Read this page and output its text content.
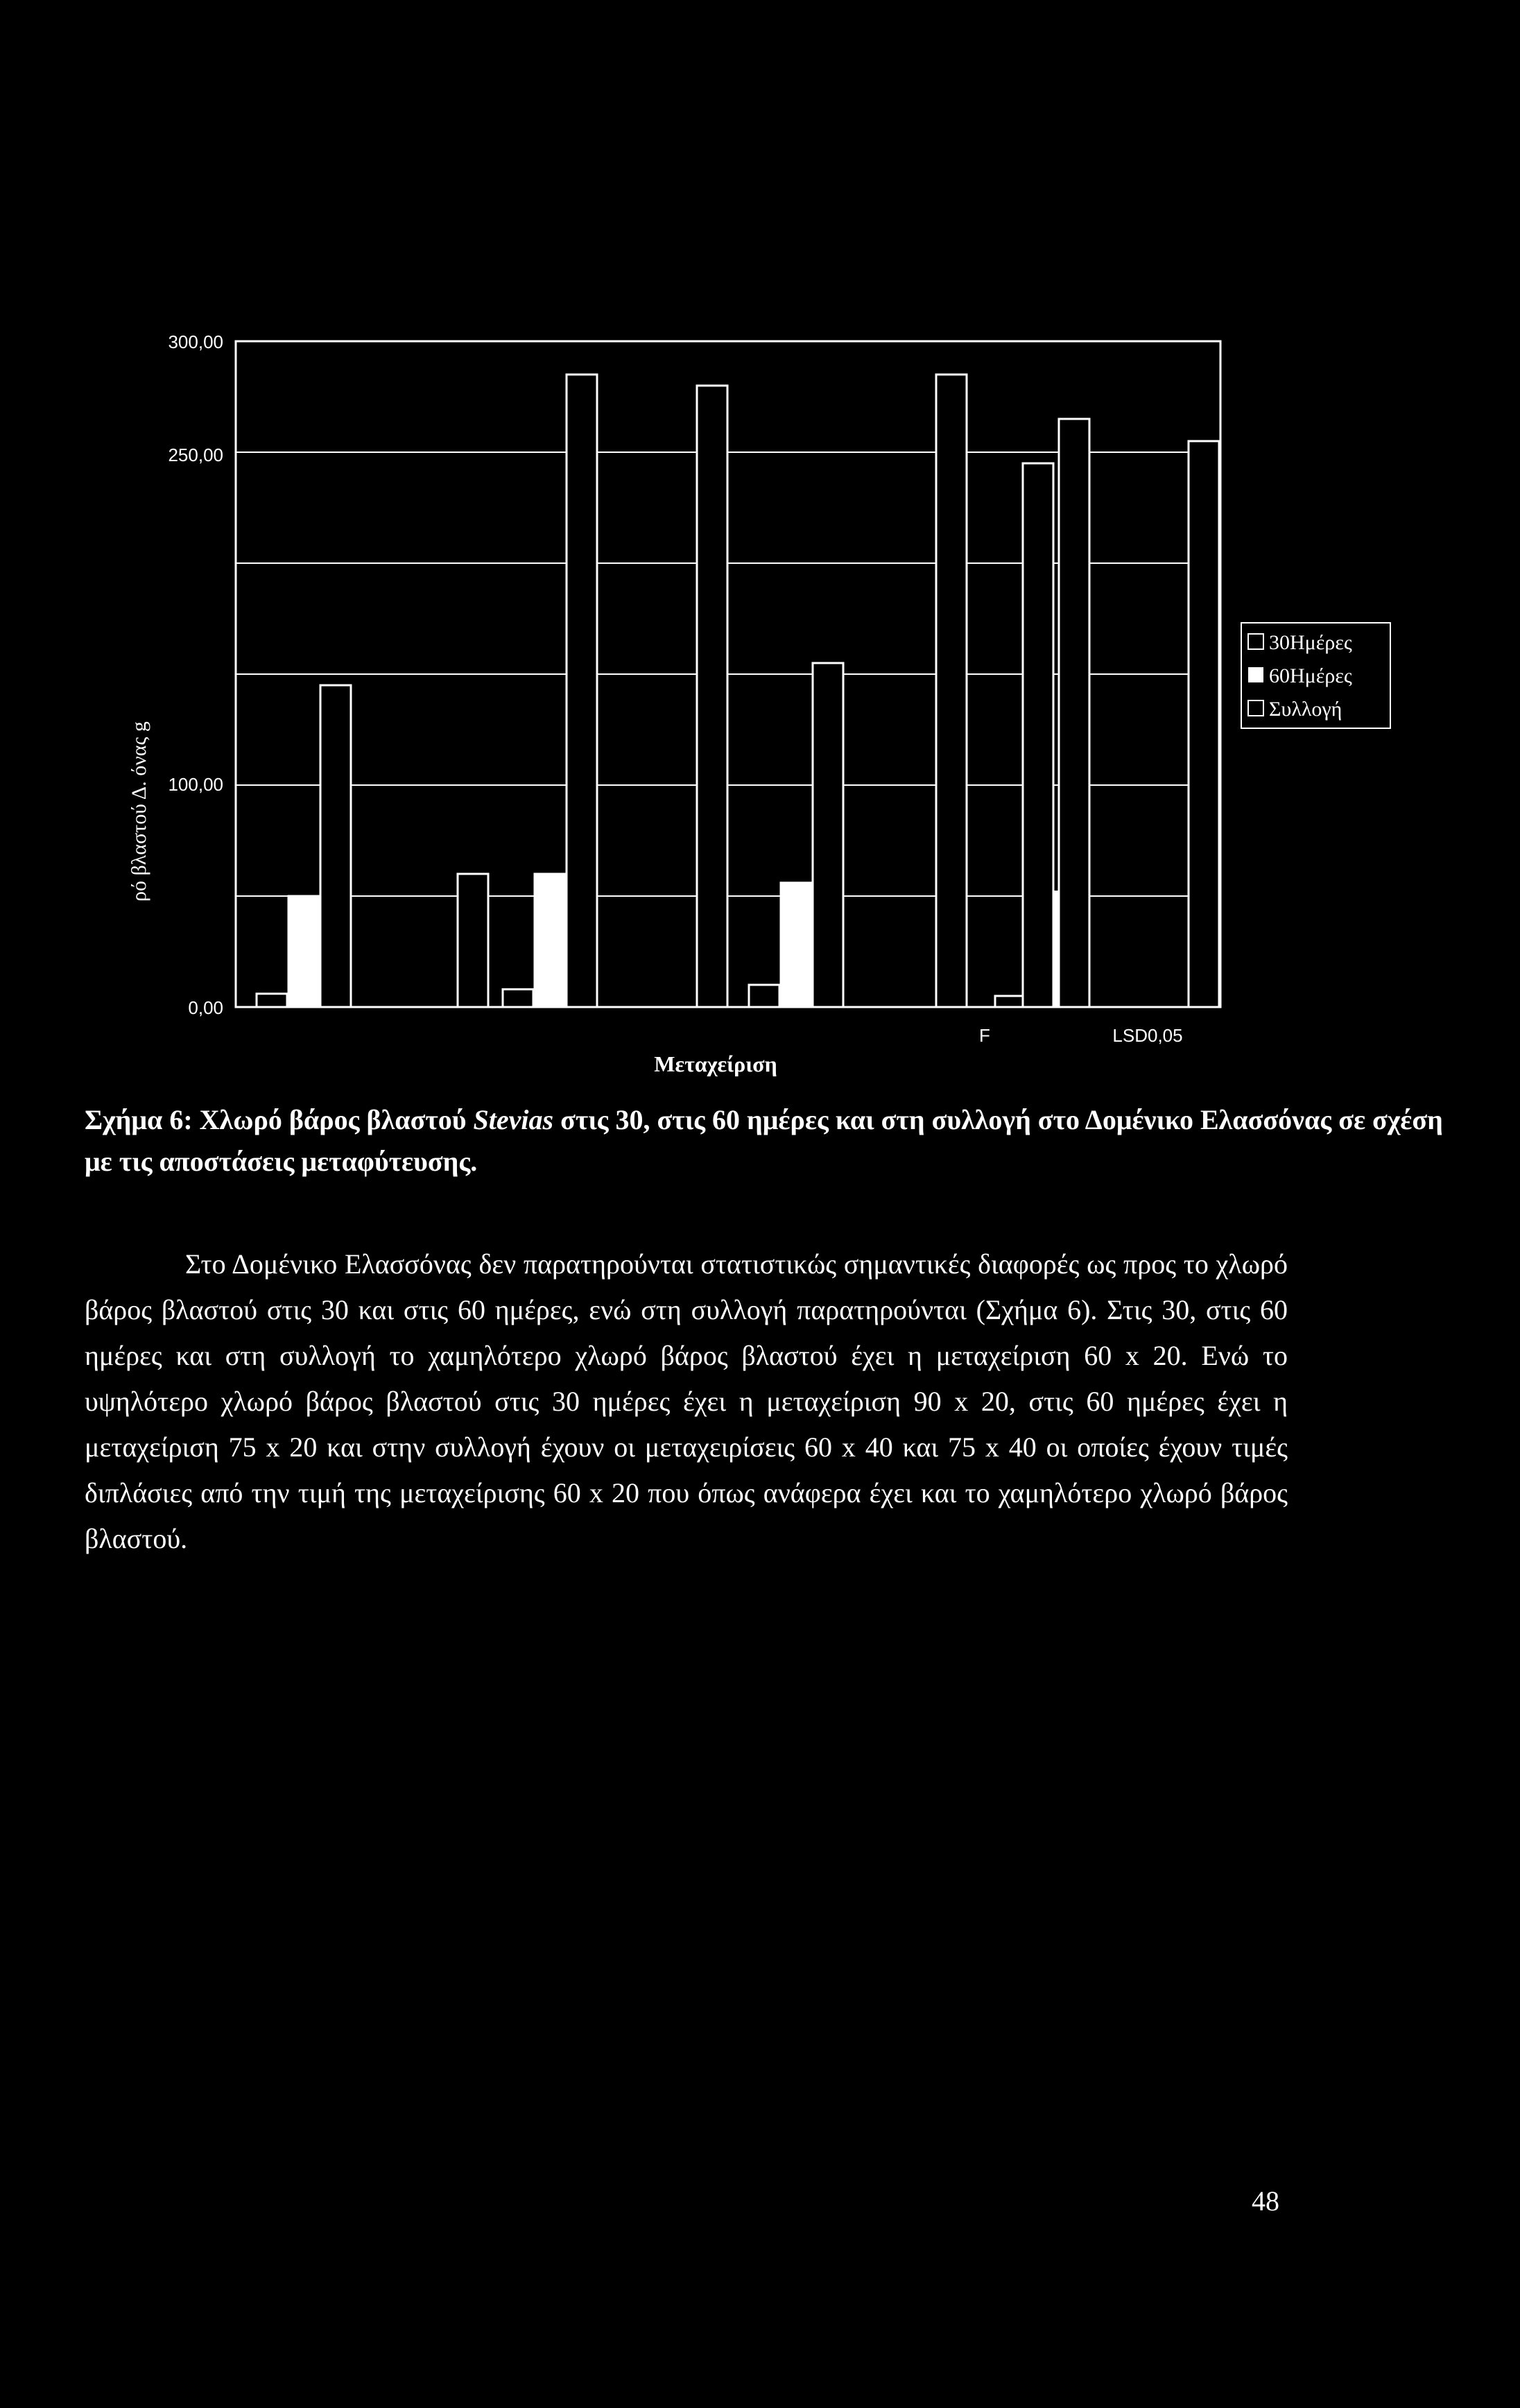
300,00
250,00
100,00
0,00
ρό βλαστού Δ. όνας g
Μεταχείριση
F	LSD0,05
30Ημέρες
60Ημέρες
Συλλογή
Σχήμα 6: Χλωρό βάρος βλαστού Stevias στις 30, στις 60 ημέρες και στη συλλογή στο Δομένικο Ελασσόνας σε σχέση με τις αποστάσεις μεταφύτευσης.
Στο Δομένικο Ελασσόνας δεν παρατηρούνται στατιστικώς σημαντικές διαφορές ως προς το χλωρό βάρος βλαστού στις 30 και στις 60 ημέρες, ενώ στη συλλογή παρατηρούνται (Σχήμα 6). Στις 30, στις 60 ημέρες και στη συλλογή το χαμηλότερο χλωρό βάρος βλαστού έχει η μεταχείριση 60 x 20. Ενώ το υψηλότερο χλωρό βάρος βλαστού στις 30 ημέρες έχει η μεταχείριση 90 x 20, στις 60 ημέρες έχει η μεταχείριση 75 x 20 και στην συλλογή έχουν οι μεταχειρίσεις 60 x 40 και 75 x 40 οι οποίες έχουν τιμές διπλάσιες από την τιμή της μεταχείρισης 60 x 20 που όπως ανάφερα έχει και το χαμηλότερο χλωρό βάρος βλαστού.
48
